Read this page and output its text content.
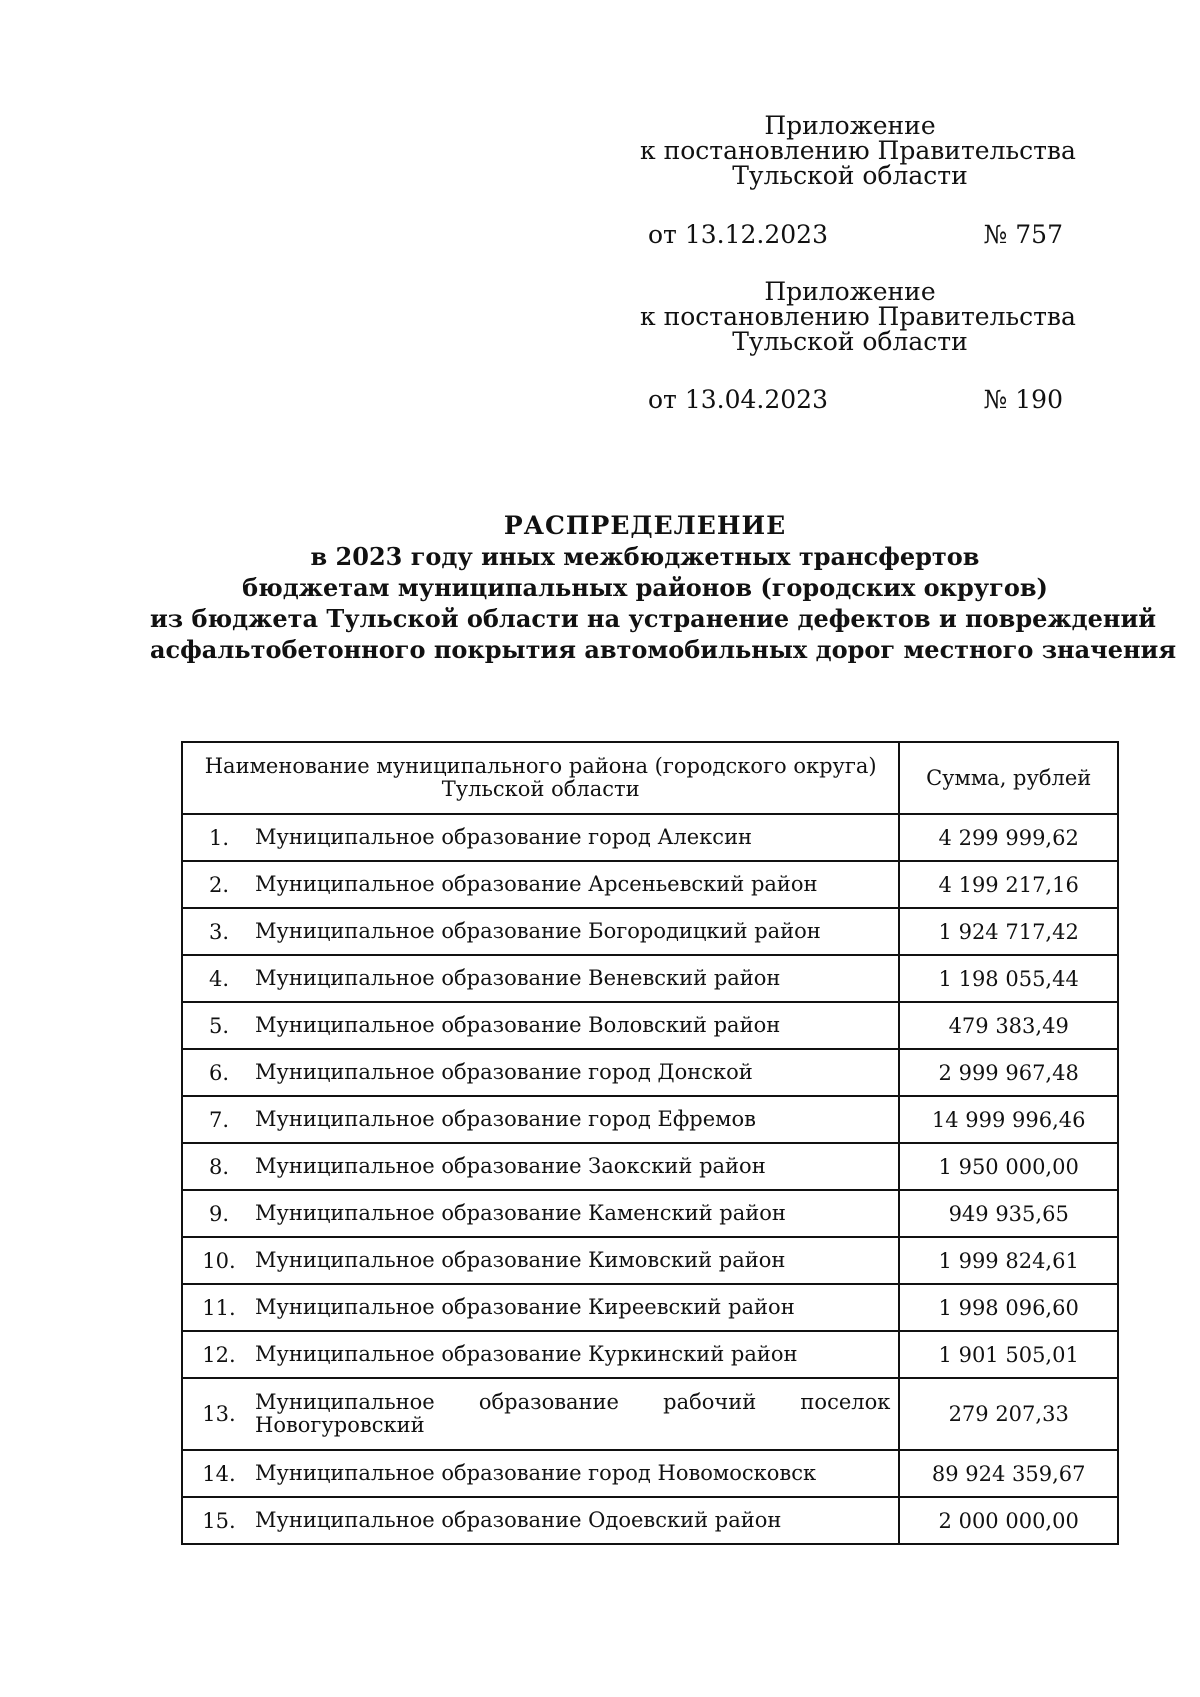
Приложение
к постановлению Правительства
Тульской области
от 13.12.2023	№ 757
Приложение
к постановлению Правительства
Тульской области
от 13.04.2023	№ 190
РАСПРЕДЕЛЕНИЕ
в 2023 году иных межбюджетных трансфертов
бюджетам муниципальных районов (городских округов)
из бюджета Тульской области на устранение дефектов и повреждений
асфальтобетонного покрытия автомобильных дорог местного значения
Наименование муниципального района (городского округа)
Тульской области	Сумма, рублей

1. Муниципальное образование город Алексин	4 299 999,62

2. Муниципальное образование Арсеньевский район	4 199 217,16

3. Муниципальное образование Богородицкий район	1 924 717,42

4. Муниципальное образование Веневский район	1 198 055,44

5. Муниципальное образование Воловский район	479 383,49

6. Муниципальное образование город Донской	2 999 967,48

7. Муниципальное образование город Ефремов	14 999 996,46

8. Муниципальное образование Заокский район	1 950 000,00

9. Муниципальное образование Каменский район	949 935,65

10. Муниципальное образование Кимовский район	1 999 824,61

11. Муниципальное образование Киреевский район	1 998 096,60

12. Муниципальное образование Куркинский район	1 901 505,01

13. Муниципальное образование рабочий поселок
Новогуровский	279 207,33

14. Муниципальное образование город Новомосковск	89 924 359,67

15. Муниципальное образование Одоевский район	2 000 000,00
